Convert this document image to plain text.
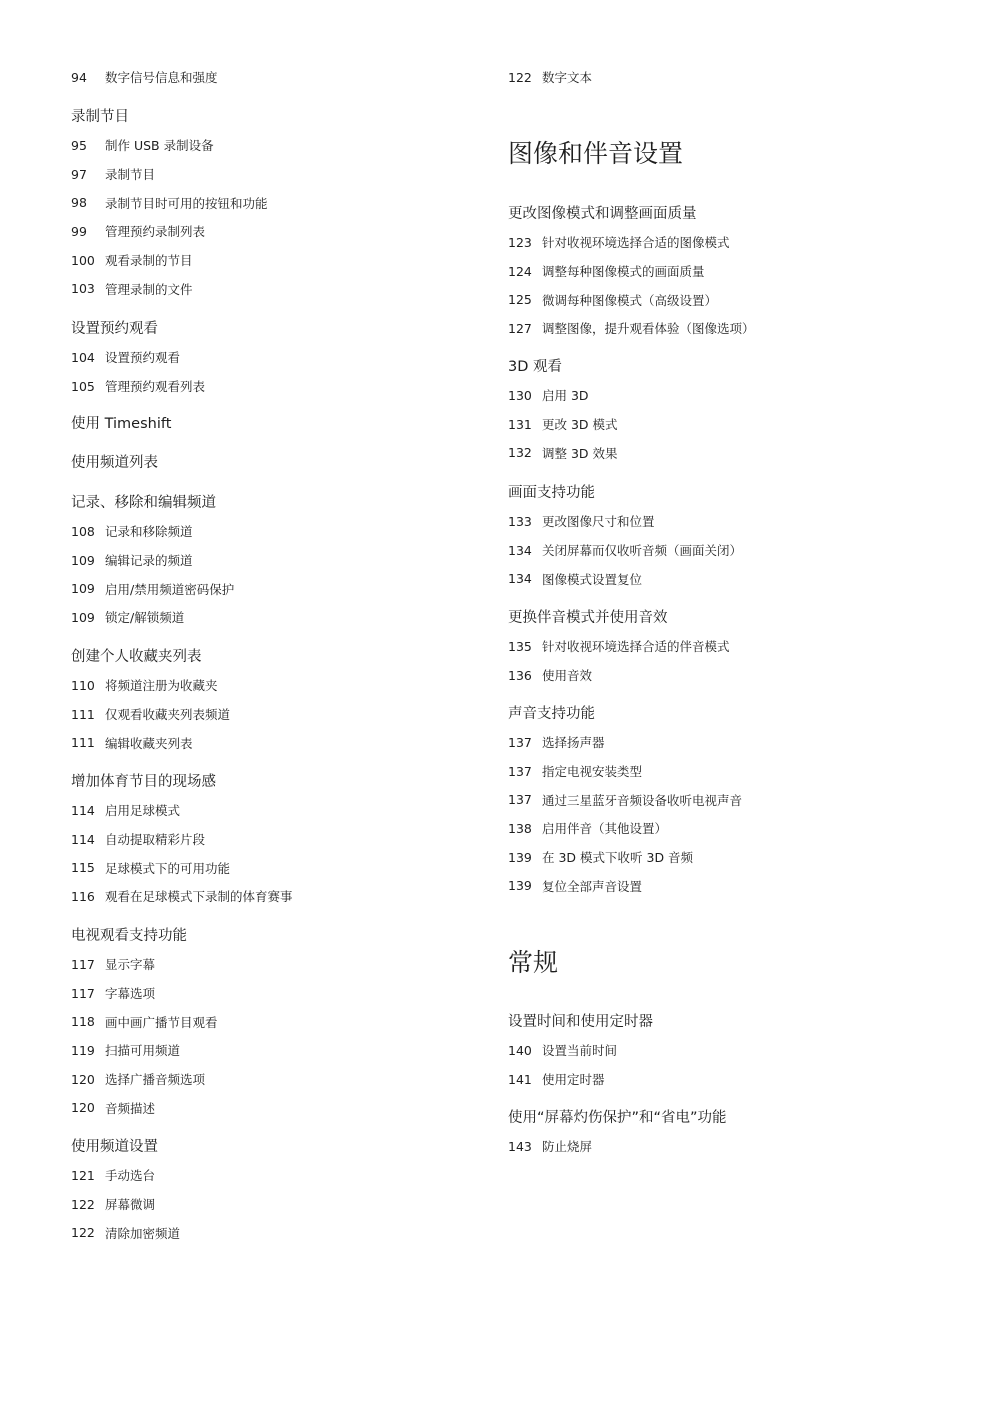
94	数字信号信息和强度
录制节目
95	制作 USB 录制设备
97	录制节目
98	录制节目时可用的按钮和功能
99	管理预约录制列表
100 观看录制的节目
103 管理录制的文件
设置预约观看
104 设置预约观看
105 管理预约观看列表
使用 Timeshift
使用频道列表
记录、移除和编辑频道
108 记录和移除频道
109 编辑记录的频道
109 启用/禁用频道密码保护
109 锁定/解锁频道
创建个人收藏夹列表
110 将频道注册为收藏夹
111 仅观看收藏夹列表频道
111 编辑收藏夹列表
增加体育节目的现场感
114 启用足球模式
114 自动提取精彩片段
115 足球模式下的可用功能
116 观看在足球模式下录制的体育赛事
电视观看支持功能
117 显示字幕
117 字幕选项
118 画中画广播节目观看
119 扫描可用频道
120 选择广播音频选项
120 音频描述
使用频道设置
121 手动选台
122 屏幕微调
122 清除加密频道
122 数字文本
图像和伴音设置
更改图像模式和调整画面质量
123 针对收视环境选择合适的图像模式
124 调整每种图像模式的画面质量
125 微调每种图像模式（高级设置）
127 调整图像，提升观看体验（图像选项）
3D 观看
130 启用 3D
131 更改 3D 模式
132 调整 3D 效果
画面支持功能
133 更改图像尺寸和位置
134 关闭屏幕而仅收听音频（画面关闭）
134 图像模式设置复位
更换伴音模式并使用音效
135 针对收视环境选择合适的伴音模式
136 使用音效
声音支持功能
137 选择扬声器
137 指定电视安装类型
137 通过三星蓝牙音频设备收听电视声音
138 启用伴音（其他设置）
139 在 3D 模式下收听 3D 音频
139 复位全部声音设置
常规
设置时间和使用定时器
140 设置当前时间
141 使用定时器
使用“屏幕灼伤保护”和“省电”功能
143 防止烧屏
